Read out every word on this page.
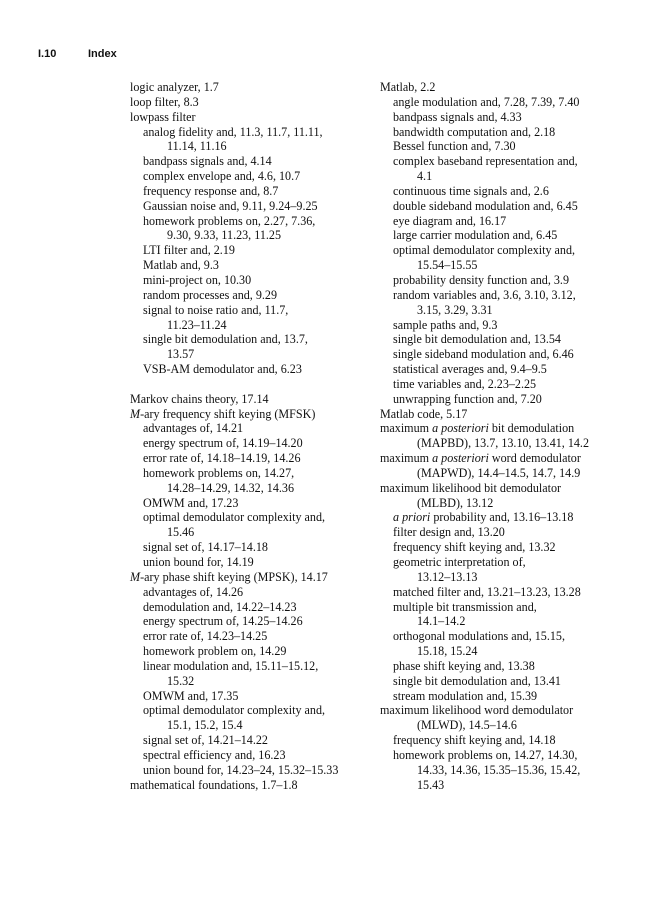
I.10	Index
logic analyzer, 1.7
loop filter, 8.3
lowpass filter
analog fidelity and, 11.3, 11.7, 11.11,
11.14, 11.16
bandpass signals and, 4.14
complex envelope and, 4.6, 10.7
frequency response and, 8.7
Gaussian noise and, 9.11, 9.24–9.25
homework problems on, 2.27, 7.36,
9.30, 9.33, 11.23, 11.25
LTI filter and, 2.19
Matlab and, 9.3
mini-project on, 10.30
random processes and, 9.29
signal to noise ratio and, 11.7,
11.23–11.24
single bit demodulation and, 13.7,
13.57
VSB-AM demodulator and, 6.23
Markov chains theory, 17.14
M-ary frequency shift keying (MFSK)
advantages of, 14.21
energy spectrum of, 14.19–14.20
error rate of, 14.18–14.19, 14.26
homework problems on, 14.27,
14.28–14.29, 14.32, 14.36
OMWM and, 17.23
optimal demodulator complexity and,
15.46
signal set of, 14.17–14.18
union bound for, 14.19
M-ary phase shift keying (MPSK), 14.17
advantages of, 14.26
demodulation and, 14.22–14.23
energy spectrum of, 14.25–14.26
error rate of, 14.23–14.25
homework problem on, 14.29
linear modulation and, 15.11–15.12,
15.32
OMWM and, 17.35
optimal demodulator complexity and,
15.1, 15.2, 15.4
signal set of, 14.21–14.22
spectral efficiency and, 16.23
union bound for, 14.23–24, 15.32–15.33
mathematical foundations, 1.7–1.8
Matlab, 2.2
angle modulation and, 7.28, 7.39, 7.40
bandpass signals and, 4.33
bandwidth computation and, 2.18
Bessel function and, 7.30
complex baseband representation and,
4.1
continuous time signals and, 2.6
double sideband modulation and, 6.45
eye diagram and, 16.17
large carrier modulation and, 6.45
optimal demodulator complexity and,
15.54–15.55
probability density function and, 3.9
random variables and, 3.6, 3.10, 3.12,
3.15, 3.29, 3.31
sample paths and, 9.3
single bit demodulation and, 13.54
single sideband modulation and, 6.46
statistical averages and, 9.4–9.5
time variables and, 2.23–2.25
unwrapping function and, 7.20
Matlab code, 5.17
maximum a posteriori bit demodulation
(MAPBD), 13.7, 13.10, 13.41, 14.2
maximum a posteriori word demodulator
(MAPWD), 14.4–14.5, 14.7, 14.9
maximum likelihood bit demodulator
(MLBD), 13.12
a priori probability and, 13.16–13.18
filter design and, 13.20
frequency shift keying and, 13.32
geometric interpretation of,
13.12–13.13
matched filter and, 13.21–13.23, 13.28
multiple bit transmission and,
14.1–14.2
orthogonal modulations and, 15.15,
15.18, 15.24
phase shift keying and, 13.38
single bit demodulation and, 13.41
stream modulation and, 15.39
maximum likelihood word demodulator
(MLWD), 14.5–14.6
frequency shift keying and, 14.18
homework problems on, 14.27, 14.30,
14.33, 14.36, 15.35–15.36, 15.42,
15.43
